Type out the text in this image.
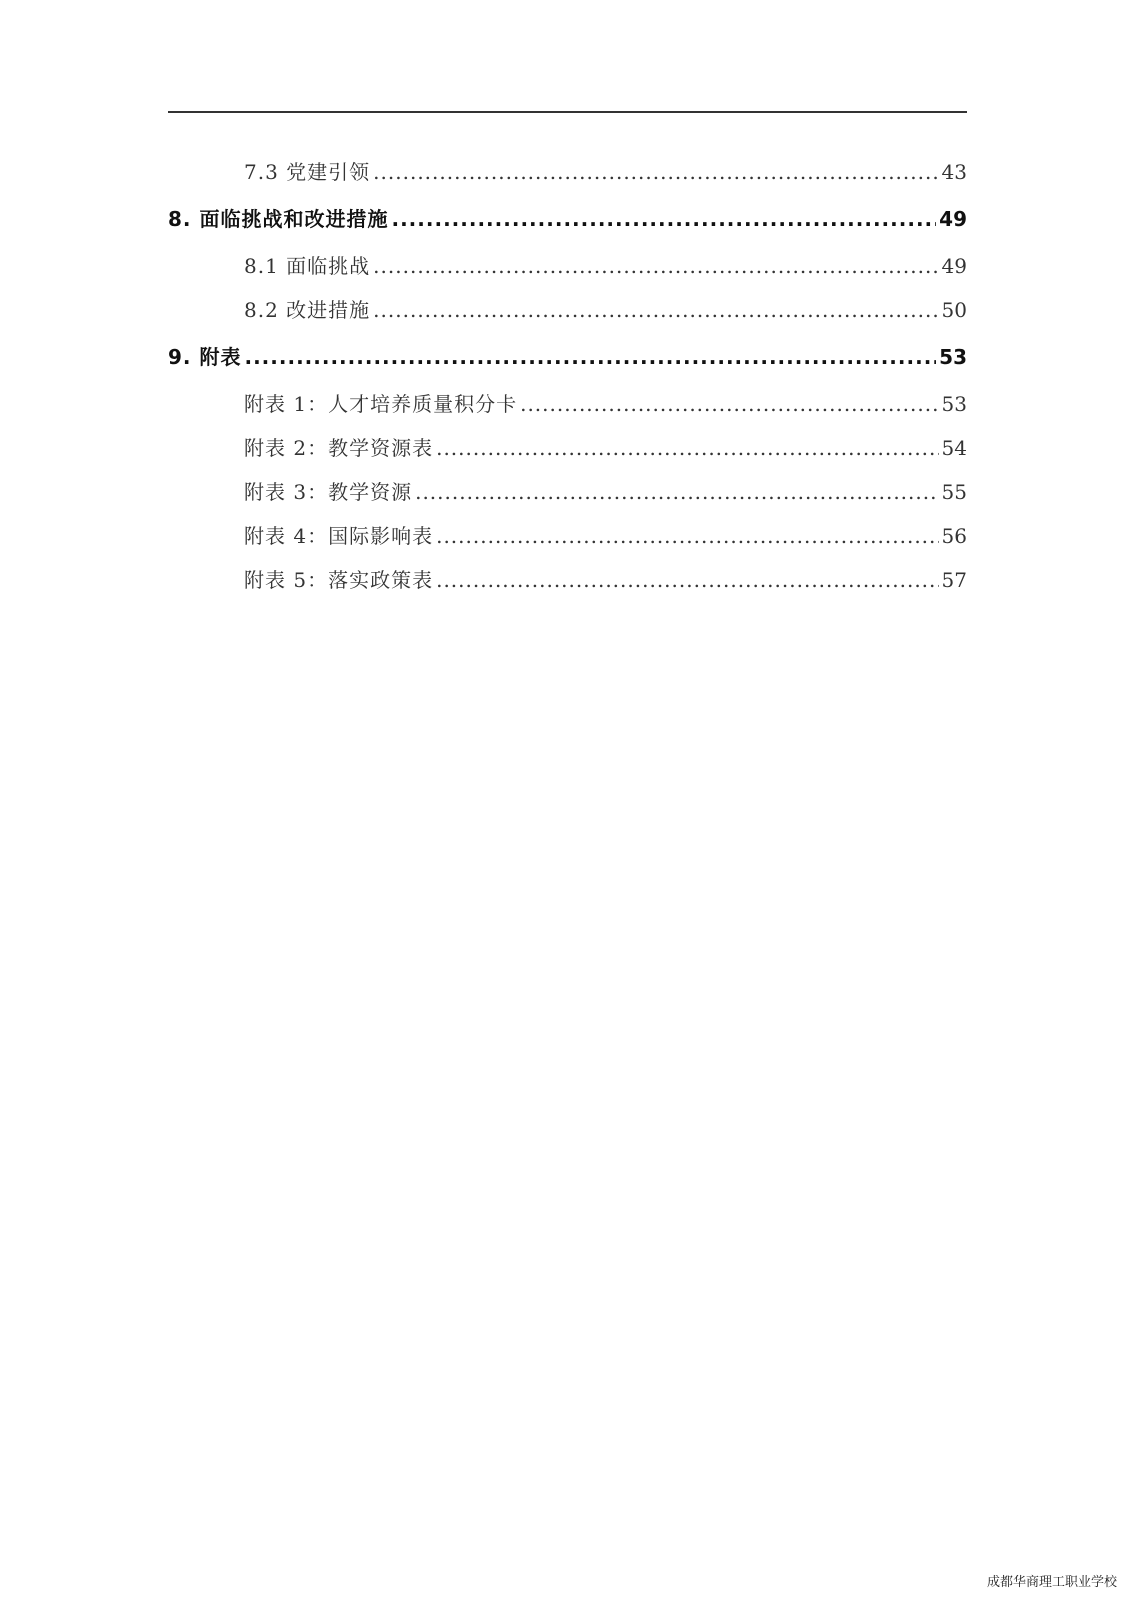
7.3 党建引领 .....	43
8. 面临挑战和改进措施 .....	49
8.1 面临挑战 .....	49
8.2 改进措施 .....	50
9. 附表 .....	53
附表 1：人才培养质量积分卡 .....	53
附表 2：教学资源表 .....	54
附表 3：教学资源 .....	55
附表 4：国际影响表 .....	56
附表 5：落实政策表 .....	57
成都华商理工职业学校
